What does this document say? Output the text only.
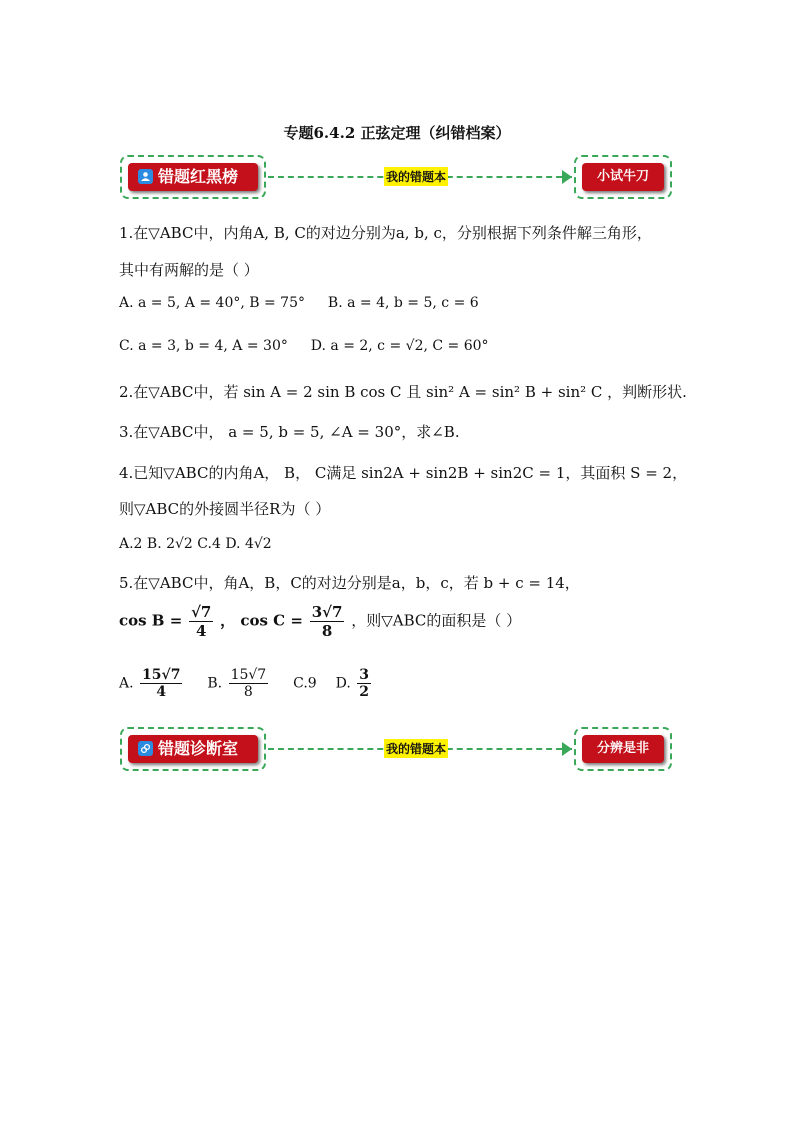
专题6.4.2 正弦定理（纠错档案）
错题红黑榜	我的错题本	小试牛刀
1.在▽ABC中，内角A, B, C的对边分别为a, b, c，分别根据下列条件解三角形，
其中有两解的是（ ）
A. a = 5, A = 40°, B = 75° B. a = 4, b = 5, c = 6
C. a = 3, b = 4, A = 30° D. a = 2, c = √2, C = 60°
2.在▽ABC中，若 sin A = 2 sin B cos C 且 sin² A = sin² B + sin² C ，判断形状.
3.在▽ABC中， a = 5, b = 5, ∠A = 30°，求∠B.
4.已知▽ABC的内角A， B， C满足 sin2A + sin2B + sin2C = 1，其面积 S = 2，
则▽ABC的外接圆半径R为（ ）
A.2 B. 2√2 C.4 D. 4√2
5.在▽ABC中，角A，B，C的对边分别是a，b，c，若 b + c = 14，
$\cos B = \frac{√7}{4}$ ， $\cos C = \frac{3√7}{8}$ ，则▽ABC的面积是（ ）
A. $\frac{15√7}{4} B$. $\frac{15√7}{8} C.9$ D. $\frac{3}{2}$
错题诊断室	我的错题本	分辨是非
